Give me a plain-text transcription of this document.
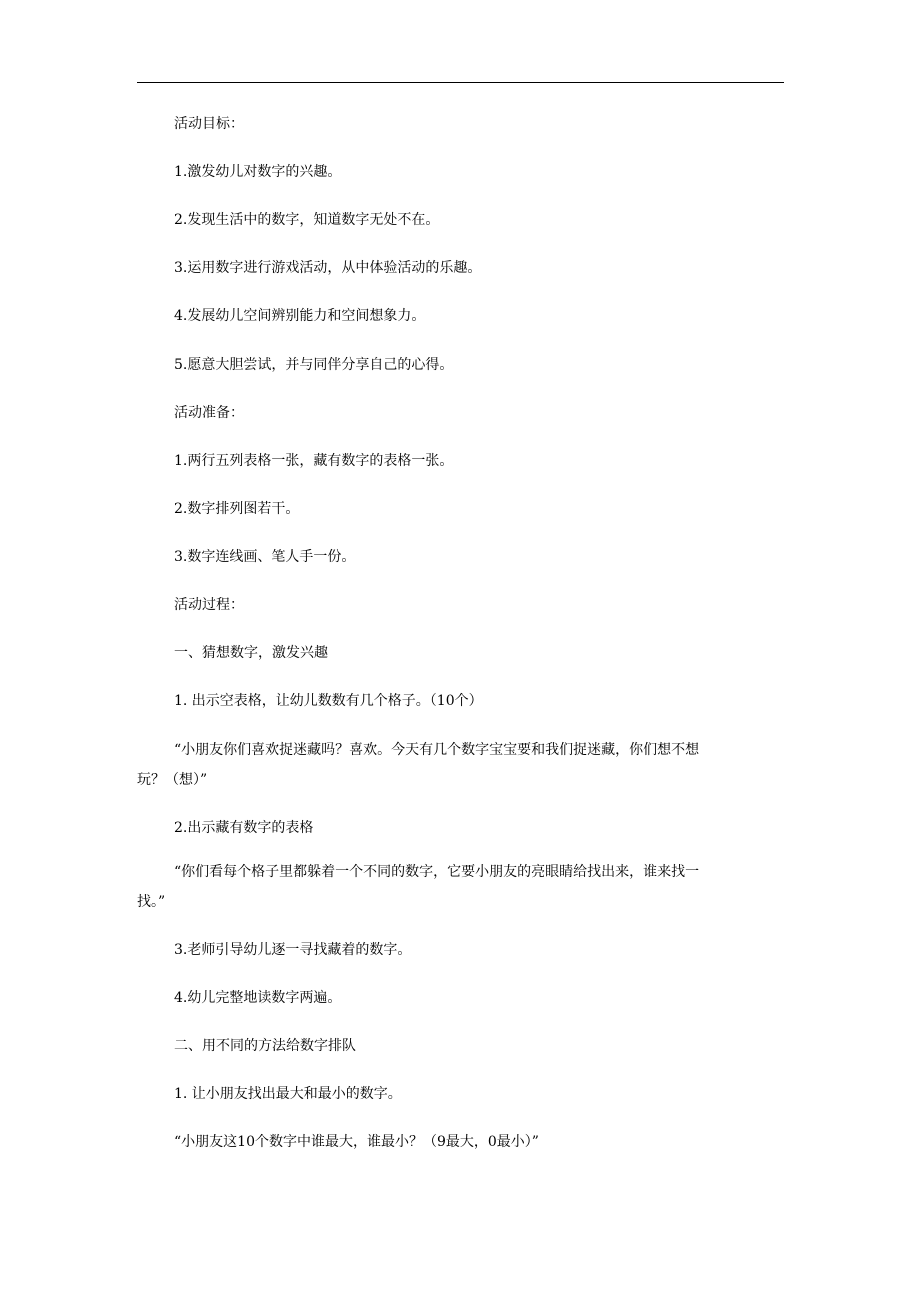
活动目标：
1.激发幼儿对数字的兴趣。
2.发现生活中的数字，知道数字无处不在。
3.运用数字进行游戏活动，从中体验活动的乐趣。
4.发展幼儿空间辨别能力和空间想象力。
5.愿意大胆尝试，并与同伴分享自己的心得。
活动准备：
1.两行五列表格一张，藏有数字的表格一张。
2.数字排列图若干。
3.数字连线画、笔人手一份。
活动过程：
一、猜想数字，激发兴趣
1. 出示空表格，让幼儿数数有几个格子。（10个）
“小朋友你们喜欢捉迷藏吗？喜欢。今天有几个数字宝宝要和我们捉迷藏，你们想不想
玩？（想）”
2.出示藏有数字的表格
“你们看每个格子里都躲着一个不同的数字，它要小朋友的亮眼睛给找出来，谁来找一
找。”
3.老师引导幼儿逐一寻找藏着的数字。
4.幼儿完整地读数字两遍。
二、用不同的方法给数字排队
1. 让小朋友找出最大和最小的数字。
“小朋友这10个数字中谁最大，谁最小？（9最大，0最小）”
